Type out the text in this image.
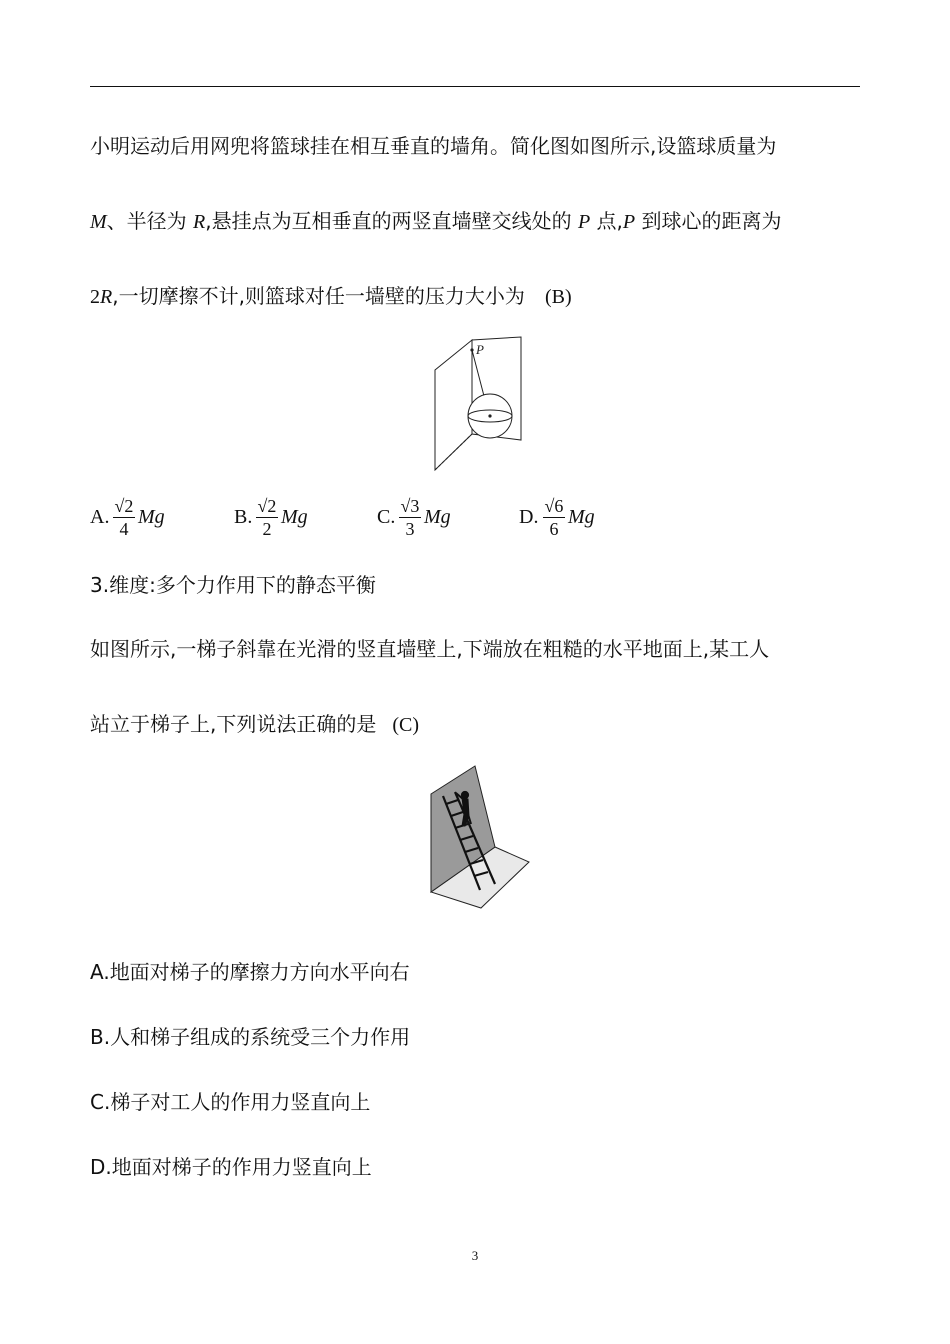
小明运动后用网兜将篮球挂在相互垂直的墙角。简化图如图所示,设篮球质量为
M、半径为 R,悬挂点为互相垂直的两竖直墙壁交线处的 P 点,P 到球心的距离为
2R,一切摩擦不计,则篮球对任一墙壁的压力大小为 (B)
P
A. √2
4
Mg	B. √2
2
Mg	C. √3
3
Mg	D. √6
6
Mg
3.维度:多个力作用下的静态平衡
如图所示,一梯子斜靠在光滑的竖直墙壁上,下端放在粗糙的水平地面上,某工人
站立于梯子上,下列说法正确的是 (C)
A.地面对梯子的摩擦力方向水平向右
B.人和梯子组成的系统受三个力作用
C.梯子对工人的作用力竖直向上
D.地面对梯子的作用力竖直向上
3
